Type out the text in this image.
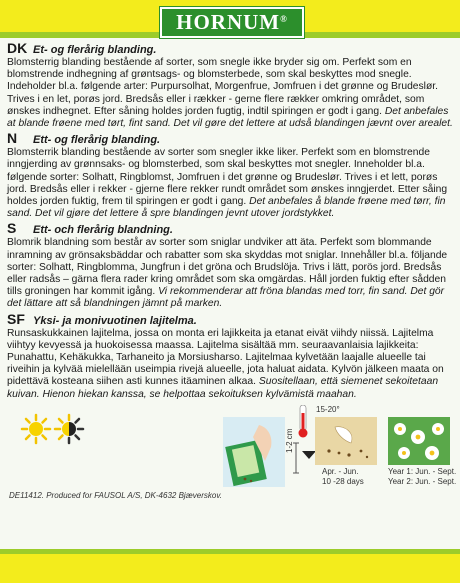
HORNUM®
DK Et- og flerårig blanding.
Blomsterrig blanding bestående af sorter, som snegle ikke bryder sig om. Perfekt som en blomstrende indhegning af grøntsags- og blomsterbede, som skal beskyttes mod snegle. Indeholder bl.a. følgende arter: Purpursolhat, Morgenfrue, Jomfruen i det grønne og Brudeslør. Trives i en let, porøs jord. Bredsås eller i rækker - gerne flere rækker omkring området, som ønskes indhegnet. Efter såning holdes jorden fugtig, indtil spiringen er godt i gang. Det anbefales at blande frøene med tørt, fint sand. Det vil gøre det lettere at udså blandingen jævnt over arealet.
N Ett- og flerårig blanding.
Blomsterrik blanding bestående av sorter som snegler ikke liker. Perfekt som en blomstrende inngjerding av grønnsaks- og blomsterbed, som skal beskyttes mot snegler. Inneholder bl.a. følgende sorter: Solhatt, Ringblomst, Jomfruen i det grønne og Brudeslør. Trives i et lett, porøs jord. Bredsås eller i rekker - gjerne flere rekker rundt området som ønskes inngjerdet. Etter såing holdes jorden fuktig, frem til spiringen er godt i gang. Det anbefales å blande frøene med tørr, fin sand. Det vil gjøre det lettere å spre blandingen jevnt utover jordstykket.
S Ett- och flerårig blandning.
Blomrik blandning som består av sorter som sniglar undviker att äta. Perfekt som blommande inramning av grönsaksbäddar och rabatter som ska skyddas mot sniglar. Innehåller bl.a. följande sorter: Solhatt, Ringblomma, Jungfrun i det gröna och Brudslöja. Trivs i lätt, porös jord. Bredsås eller radsås – gärna flera rader kring området som ska omgärdas. Håll jorden fuktig efter sådden tills groningen har kommit igång. Vi rekommenderar att fröna blandas med torr, fin sand. Det gör det lättare att så blandningen jämnt på marken.
SF Yksi- ja monivuotinen lajitelma.
Runsaskukkainen lajitelma, jossa on monta eri lajikkeita ja etanat eivät viihdy niissä. Lajitelma viihtyy kevyessä ja huokoisessa maassa. Lajitelma sisältää mm. seuraavanlaisia lajikkeita: Punahattu, Kehäkukka, Tarhaneito ja Morsiusharso. Lajitelmaa kylvetään laajalle alueelle tai riveihin ja kylvää mielellään useimpia rivejä alueelle, jota haluat aidata. Kylvön jälkeen maata on pidettävä kosteana siihen asti kunnes itäaminen alkaa. Suositellaan, että siemenet sekoitetaan kuivan. Hienon hiekan kanssa, se helpottaa sekoituksen kylvämistä maahan.
15-20°
1-2 cm
Apr. - Jun.
10 -28 days
Year 1: Jun. - Sept.
Year 2: Jun. - Sept.
DE11412. Produced for FAUSOL A/S, DK-4632 Bjæverskov.
